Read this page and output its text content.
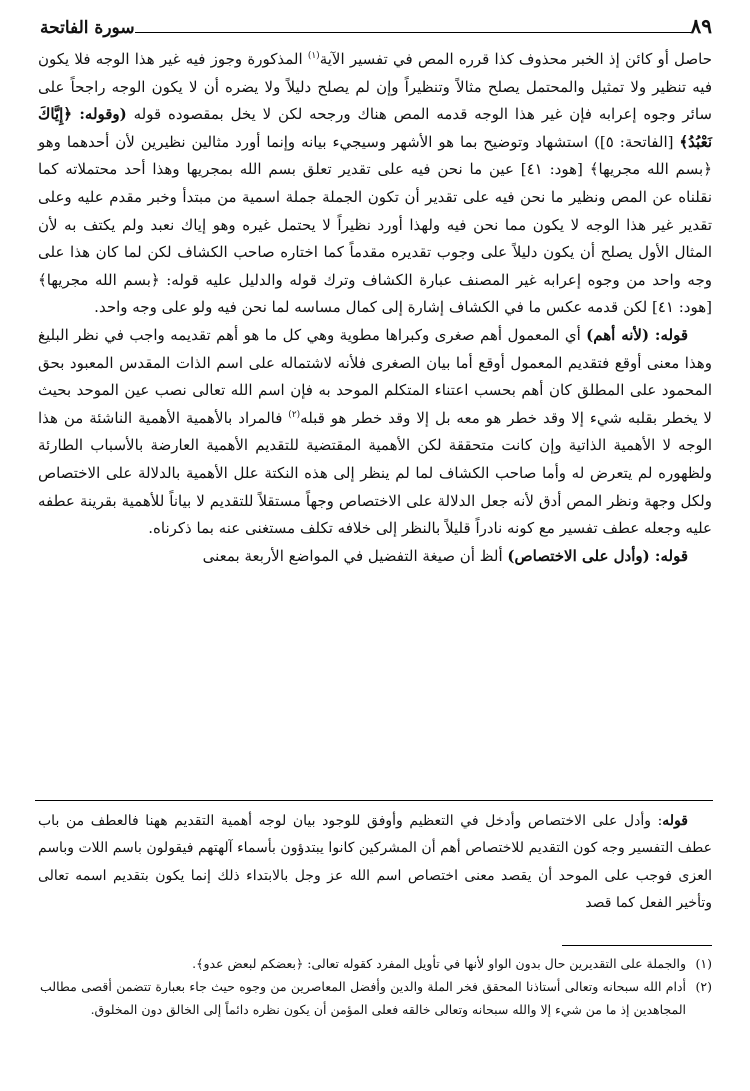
سورة الفاتحة	٨٩

حاصل أو كائن إذ الخبر محذوف كذا قرره المص في تفسير الآية$^{(١)}$ المذكورة وجوز فيه غير هذا الوجه فلا يكون فيه تنظير ولا تمثيل والمحتمل يصلح مثالاً وتنظيراً وإن لم يصلح دليلاً ولا يضره أن لا يكون الوجه راجحاً على سائر وجوه إعرابه فإن غير هذا الوجه قدمه المص هناك ورجحه لكن لا يخل بمقصوده قوله (وقوله: ﴿إِيَّاكَ نَعْبُدُ﴾ [الفاتحة: ٥]) استشهاد وتوضيح بما هو الأشهر وسيجيء بيانه وإنما أورد مثالين نظيرين لأن أحدهما وهو ﴿بسم الله مجريها﴾ [هود: ٤١] عين ما نحن فيه على تقدير تعلق بسم الله بمجريها وهذا أحد محتملاته كما نقلناه عن المص ونظير ما نحن فيه على تقدير أن تكون الجملة جملة اسمية من مبتدأ وخبر مقدم عليه وعلى تقدير غير هذا الوجه لا يكون مما نحن فيه ولهذا أورد نظيراً لا يحتمل غيره وهو إياك نعبد ولم يكتف به لأن المثال الأول يصلح أن يكون دليلاً على وجوب تقديره مقدماً كما اختاره صاحب الكشاف لكن لما كان هذا على وجه واحد من وجوه إعرابه غير المصنف عبارة الكشاف وترك قوله والدليل عليه قوله: ﴿بسم الله مجريها﴾ [هود: ٤١] لكن قدمه عكس ما في الكشاف إشارة إلى كمال مساسه لما نحن فيه ولو على وجه واحد.

قوله: (لأنه أهم) أي المعمول أهم صغرى وكبراها مطوية وهي كل ما هو أهم تقديمه واجب في نظر البليغ وهذا معنى أوقع فتقديم المعمول أوقع أما بيان الصغرى فلأنه لاشتماله على اسم الذات المقدس المعبود بحق المحمود على المطلق كان أهم بحسب اعتناء المتكلم الموحد به فإن اسم الله تعالى نصب عين الموحد بحيث لا يخطر بقلبه شيء إلا وقد خطر هو معه بل إلا وقد خطر هو قبله$^{(٢)}$ فالمراد بالأهمية الأهمية الناشئة من هذا الوجه لا الأهمية الذاتية وإن كانت متحققة لكن الأهمية المقتضية للتقديم الأهمية العارضة بالأسباب الطارئة ولظهوره لم يتعرض له وأما صاحب الكشاف لما لم ينظر إلى هذه النكتة علل الأهمية بالدلالة على الاختصاص ولكل وجهة ونظر المص أدق لأنه جعل الدلالة على الاختصاص وجهاً مستقلاً للتقديم لا بياناً للأهمية بقرينة عطفه عليه وجعله عطف تفسير مع كونه نادراً قليلاً بالنظر إلى خلافه تكلف مستغنى عنه بما ذكرناه.

قوله: (وأدل على الاختصاص) ألظ أن صيغة التفضيل في المواضع الأربعة بمعنى

قوله: وأدل على الاختصاص وأدخل في التعظيم وأوفق للوجود بيان لوجه أهمية التقديم ههنا فالعطف من باب عطف التفسير وجه كون التقديم للاختصاص أهم أن المشركين كانوا يبتدؤون بأسماء آلهتهم فيقولون باسم اللات وباسم العزى فوجب على الموحد أن يقصد معنى اختصاص اسم الله عز وجل بالابتداء ذلك إنما يكون بتقديم اسمه تعالى وتأخير الفعل كما قصد

(١)
والجملة على التقديرين حال بدون الواو لأنها في تأويل المفرد كقوله تعالى: ﴿بعضكم لبعض عدو﴾.
(٢)
أدام الله سبحانه وتعالى أستاذنا المحقق فخر الملة والدين وأفضل المعاصرين من وجوه حيث جاء بعبارة تتضمن أقصى مطالب المجاهدين إذ ما من شيء إلا والله سبحانه وتعالى خالقه فعلى المؤمن أن يكون نظره دائماً إلى الخالق دون المخلوق.
